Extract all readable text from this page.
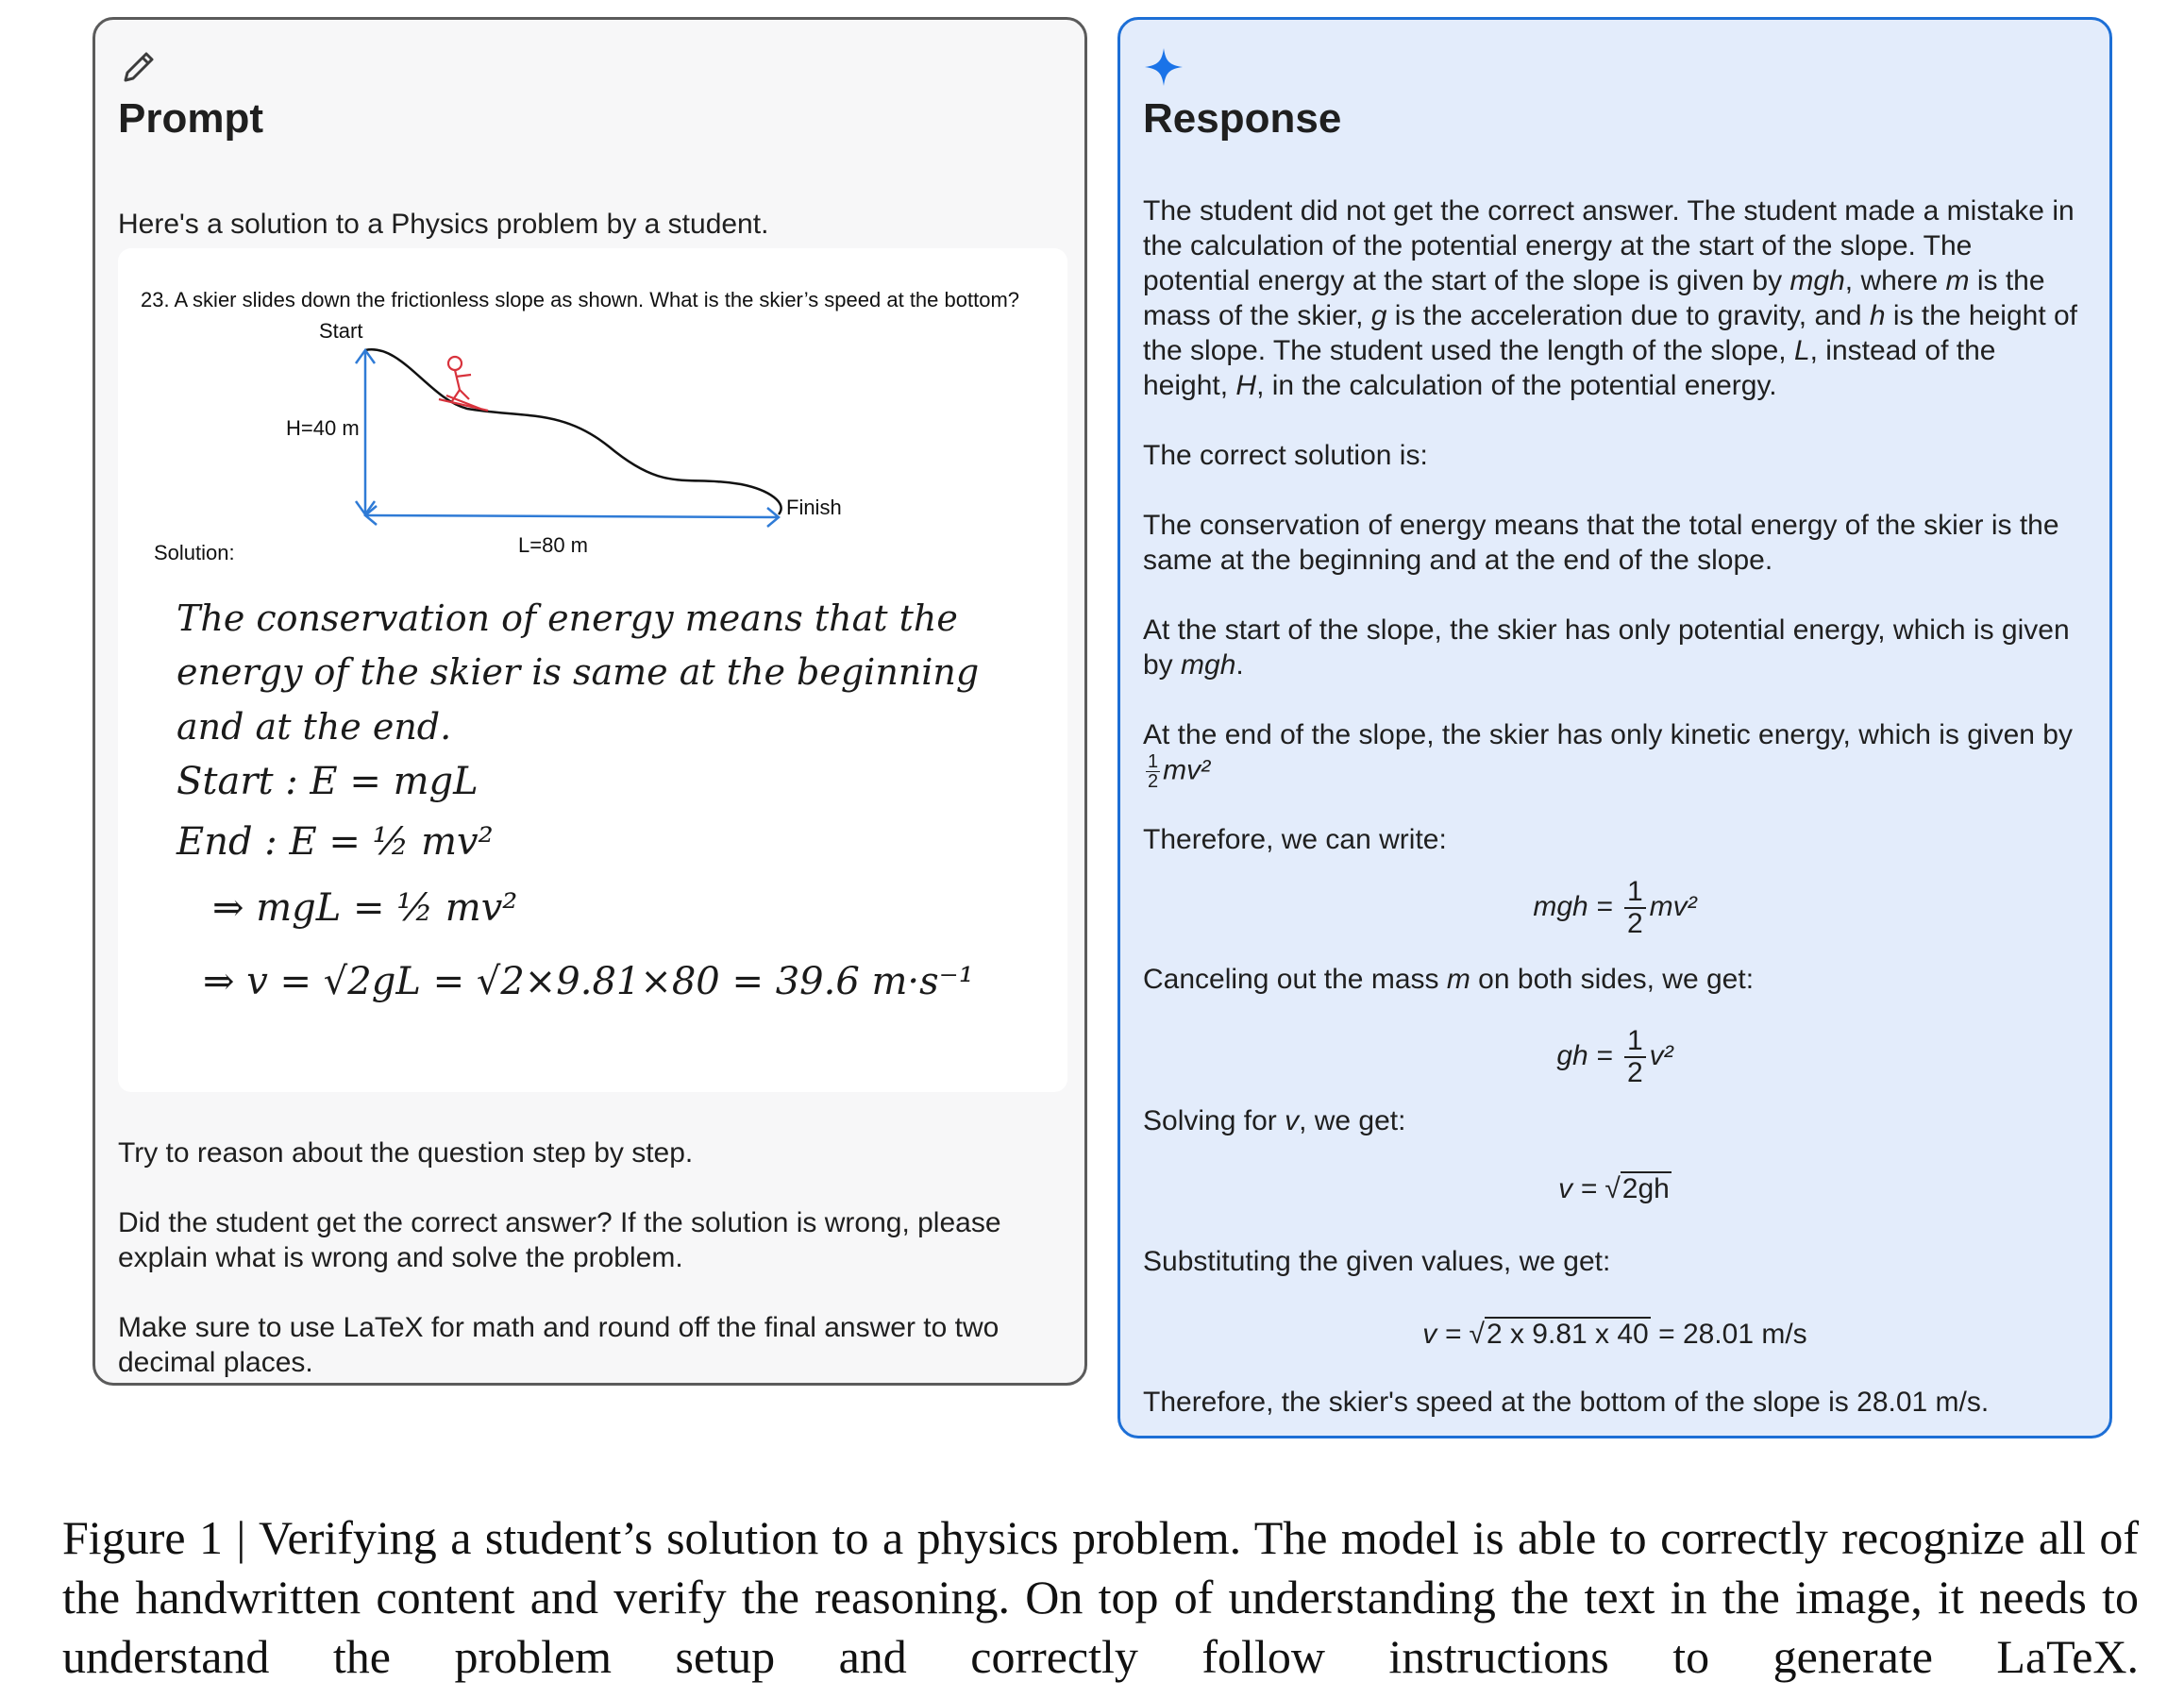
Prompt

Here's a solution to a Physics problem by a student.

23. A skier slides down the frictionless slope as shown. What is the skier’s speed at the bottom?
Start
H=40 m
Finish
L=80 m
Solution:
The conservation of energy means that the
energy of the skier is same at the beginning
and at the end.
Start : E = mgL
End : E = ½ mv²
⇒ mgL = ½ mv²
⇒ v = √2gL = √2×9.81×80 = 39.6 m·s⁻¹

Try to reason about the question step by step.

Did the student get the correct answer? If the solution is wrong, please explain what is wrong and solve the problem.

Make sure to use LaTeX for math and round off the final answer to two decimal places.

Response

The student did not get the correct answer. The student made a mistake in the calculation of the potential energy at the start of the slope. The potential energy at the start of the slope is given by mgh, where m is the mass of the skier, g is the acceleration due to gravity, and h is the height of the slope. The student used the length of the slope, L, instead of the height, H, in the calculation of the potential energy.

The correct solution is:

The conservation of energy means that the total energy of the skier is the same at the beginning and at the end of the slope.

At the start of the slope, the skier has only potential energy, which is given by mgh.

At the end of the slope, the skier has only kinetic energy, which is given by
$\frac{1}{2} mv^2$

Therefore, we can write:

mgh = $\frac{1}{2} mv^2$

Canceling out the mass m on both sides, we get:

gh = $\frac{1}{2} v^2$

Solving for v, we get:

v = √2gh

Substituting the given values, we get:

v = √2 x 9.81 x 40 = 28.01 m/s

Therefore, the skier's speed at the bottom of the slope is 28.01 m/s.

Figure 1 | Verifying a student’s solution to a physics problem. The model is able to correctly recognize all of the handwritten content and verify the reasoning. On top of understanding the text in the image, it needs to understand the problem setup and correctly follow instructions to generate LaTeX.
